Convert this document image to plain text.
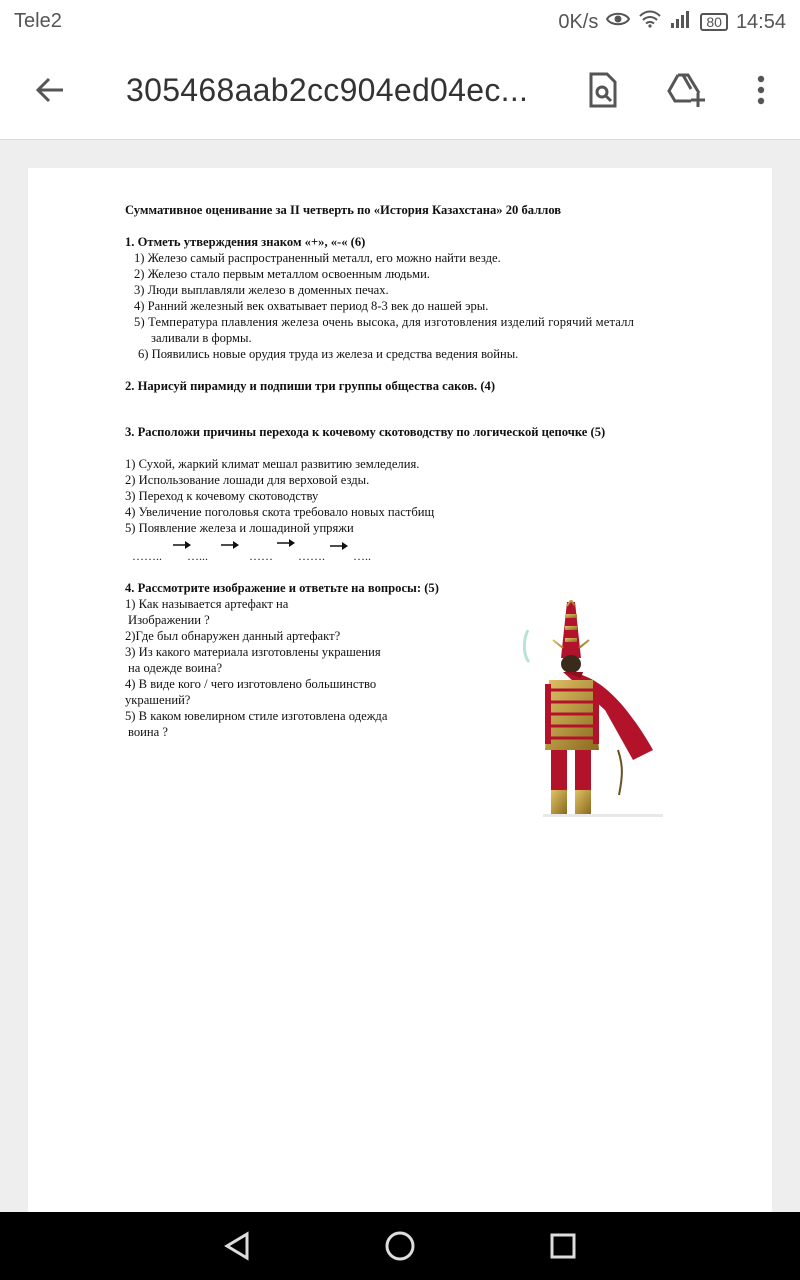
Tele2	0K/s	80 14:54
305468aab2cc904ed04ec...
Суммативное оценивание за II четверть по «История Казахстана» 20 баллов
1. Отметь утверждения знаком «+», «-« (6)
1) Железо самый распространенный металл, его можно найти везде.
2) Железо стало первым металлом освоенным людьми.
3) Люди выплавляли железо в доменных печах.
4) Ранний железный век охватывает период 8-3 век до нашей эры.
5) Температура плавления железа очень высока, для изготовления изделий горячий металл
заливали в формы.
6) Появились новые орудия труда из железа и средства ведения войны.
2. Нарисуй пирамиду и подпиши три группы общества саков. (4)
3. Расположи причины перехода к кочевому скотоводству по логической цепочке (5)
1) Сухой, жаркий климат мешал развитию земледелия.
2) Использование лошади для верховой езды.
3) Переход к кочевому скотоводству
4) Увеличение поголовья скота требовало новых пастбищ
5) Появление железа и лошадиной упряжи
…….. …...	…… ……. …..
4. Рассмотрите изображение и ответьте на вопросы: (5)
1) Как называется артефакт на
Изображении ?
2)Где был обнаружен данный артефакт?
3) Из какого материала изготовлены украшения
на одежде воина?
4) В виде кого / чего изготовлено большинство
украшений?
5) В каком ювелирном стиле изготовлена одежда
воина ?
